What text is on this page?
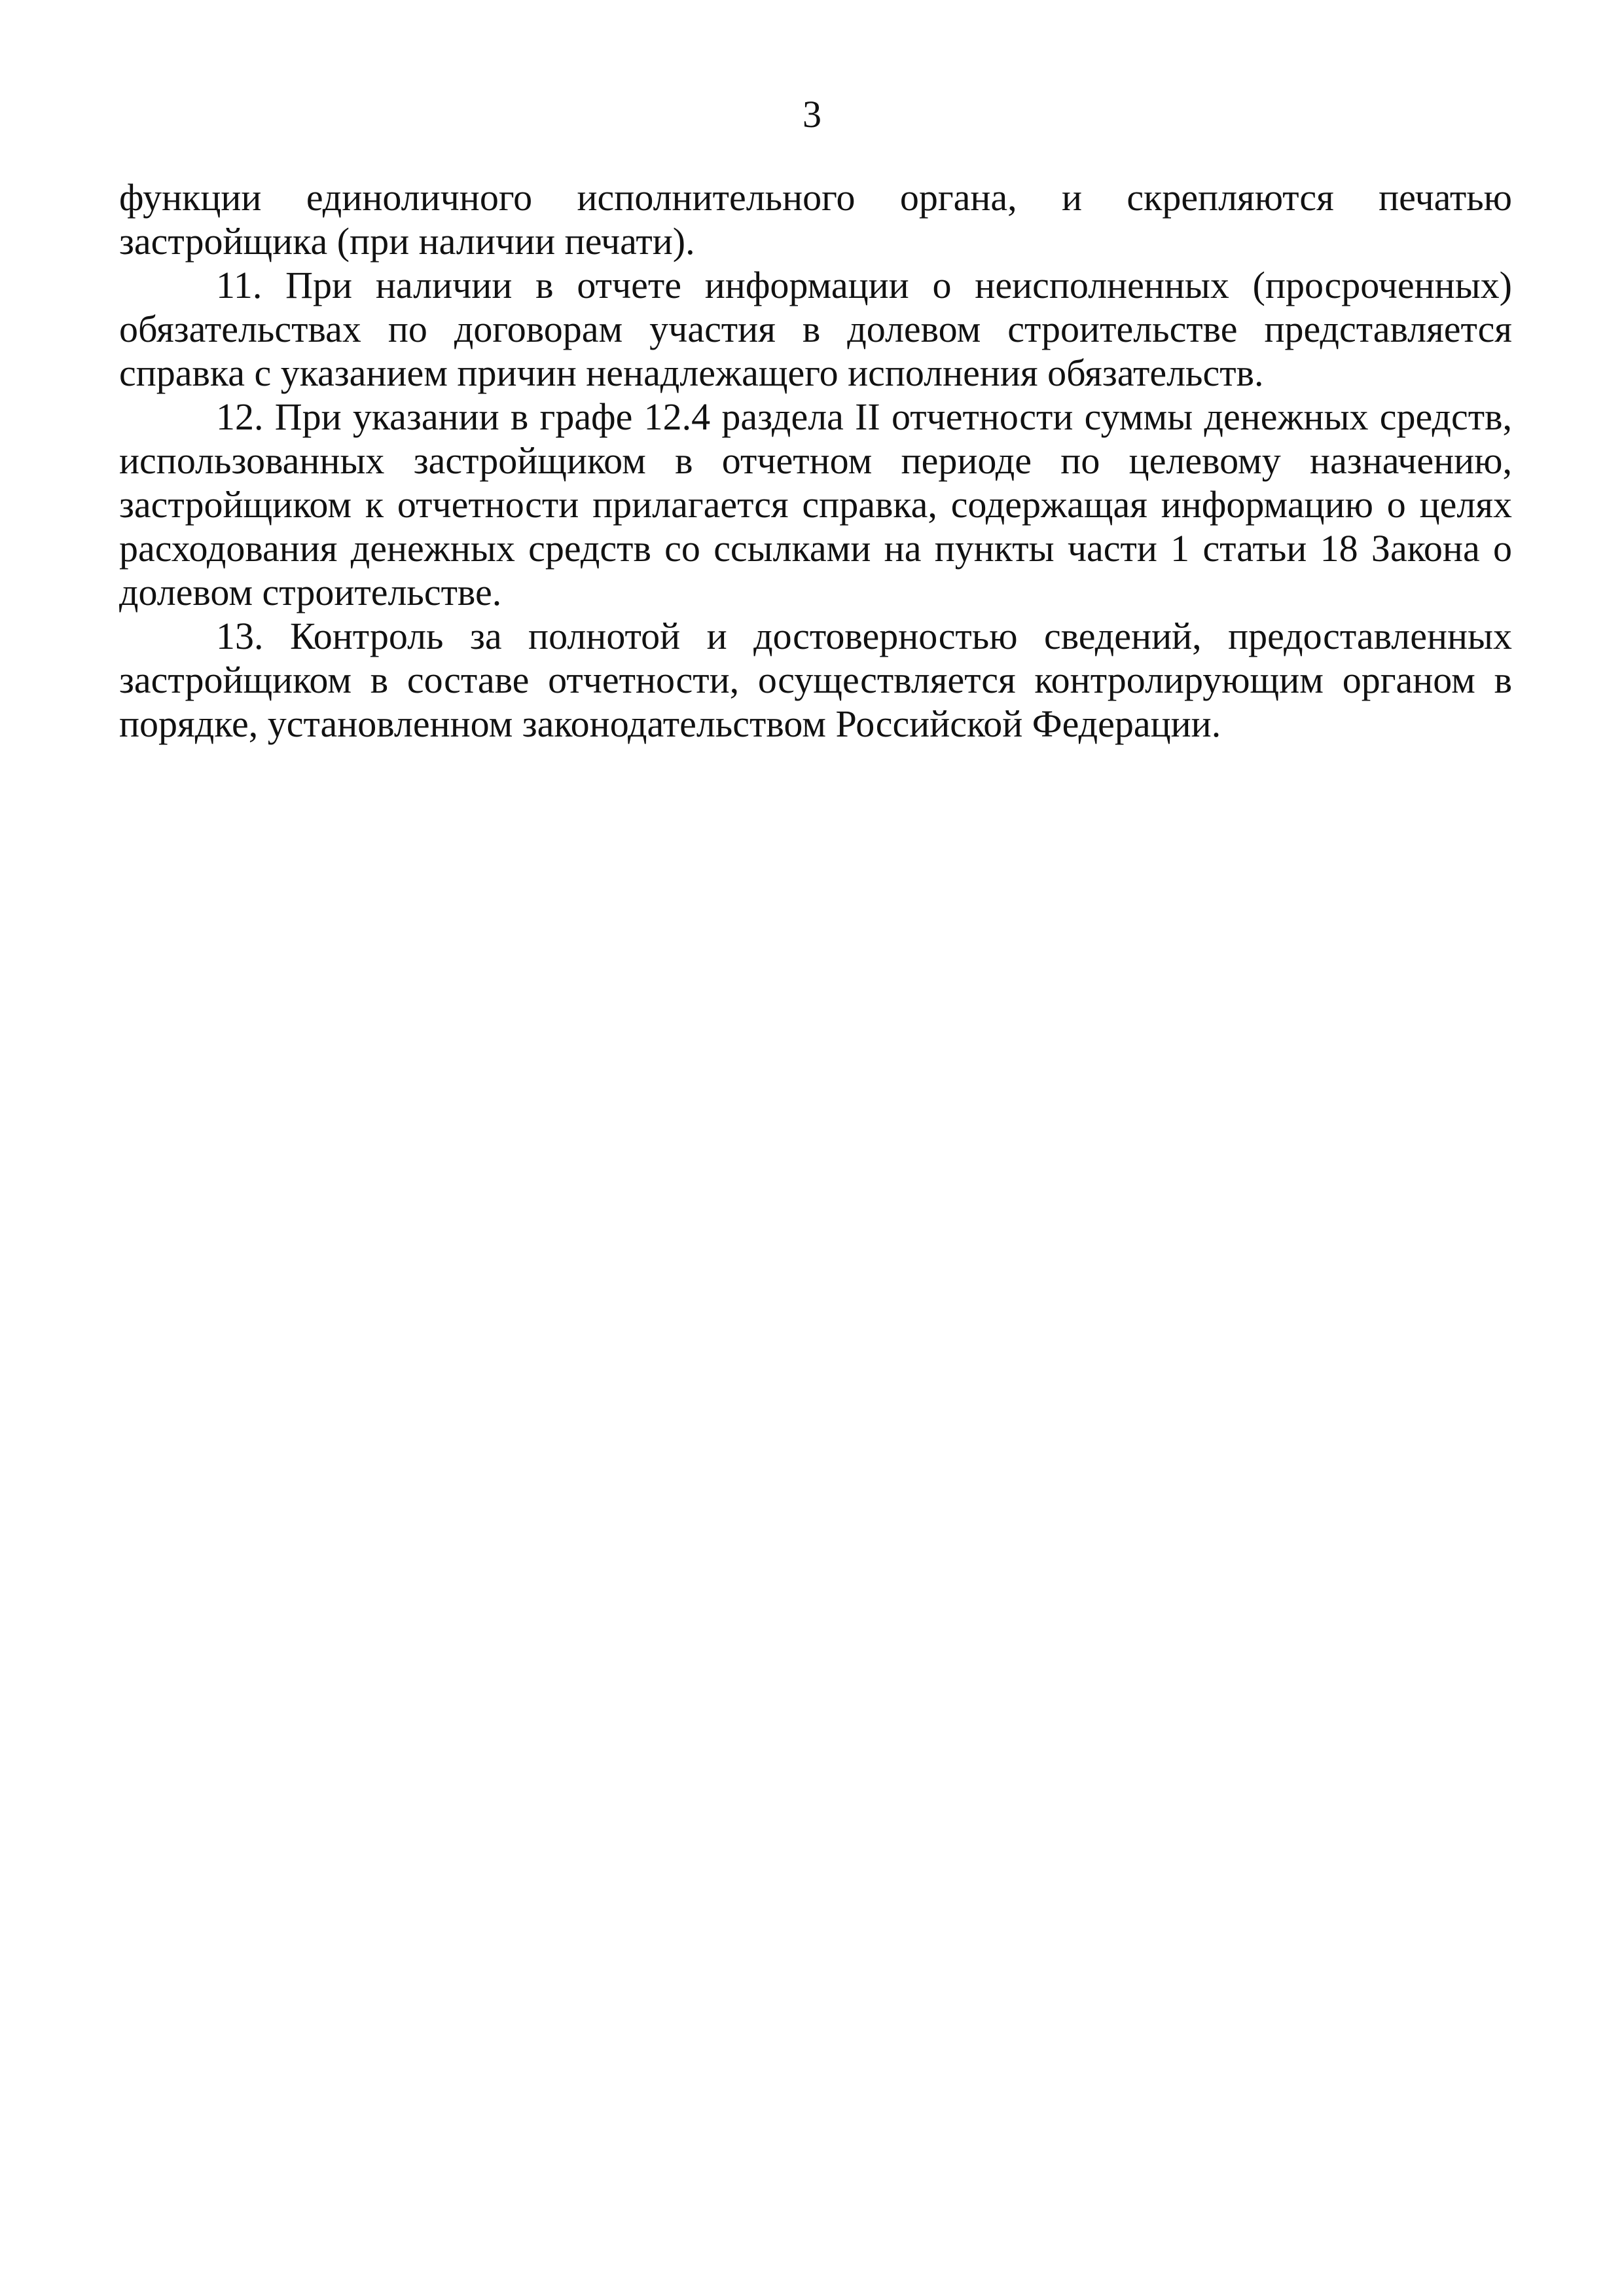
3

функции единоличного исполнительного органа, и скрепляются печатью застройщика (при наличии печати).

11. При наличии в отчете информации о неисполненных (просроченных) обязательствах по договорам участия в долевом строительстве представляется справка с указанием причин ненадлежащего исполнения обязательств.

12. При указании в графе 12.4 раздела II отчетности суммы денежных средств, использованных застройщиком в отчетном периоде по целевому назначению, застройщиком к отчетности прилагается справка, содержащая информацию о целях расходования денежных средств со ссылками на пункты части 1 статьи 18 Закона о долевом строительстве.

13. Контроль за полнотой и достоверностью сведений, предоставленных застройщиком в составе отчетности, осуществляется контролирующим органом в порядке, установленном законодательством Российской Федерации.
